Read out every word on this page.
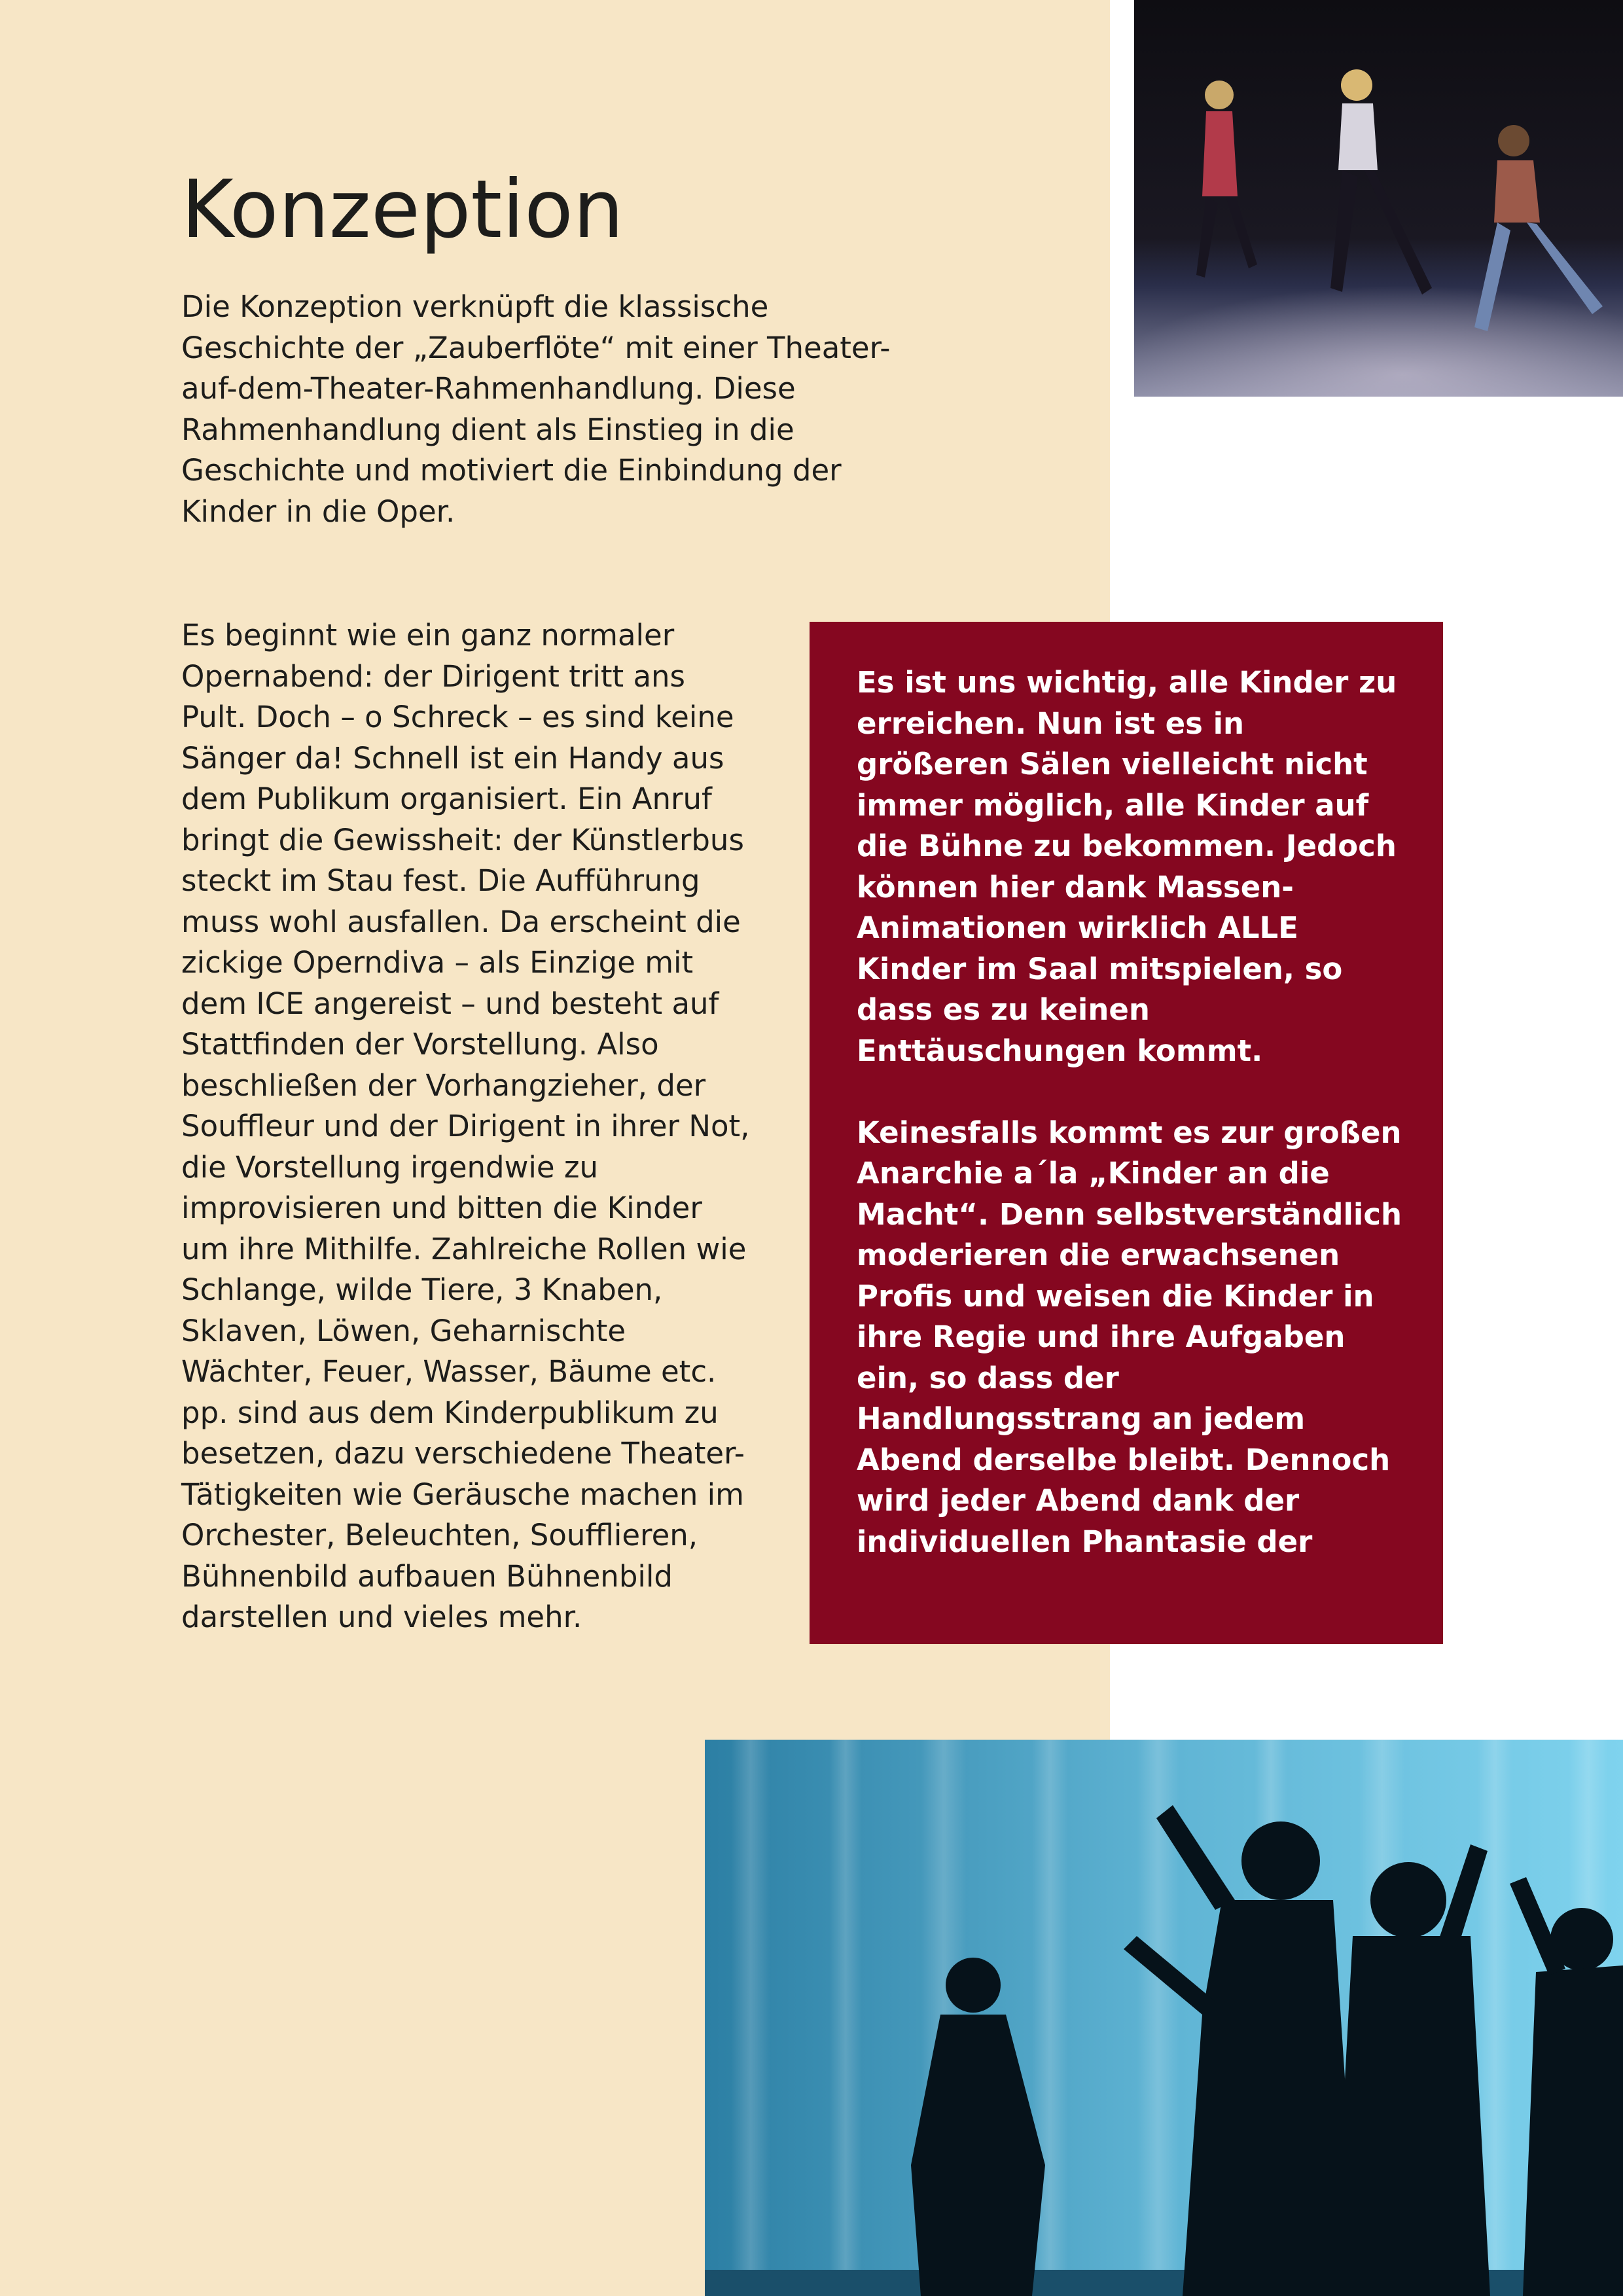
Konzeption

Die Konzeption verknüpft die klassische Geschichte der „Zauberflöte“ mit einer Theater-auf-dem-Theater-Rahmenhandlung. Diese Rahmenhandlung dient als Einstieg in die Geschichte und motiviert die Einbindung der Kinder in die Oper.

Es beginnt wie ein ganz normaler Opernabend: der Dirigent tritt ans Pult. Doch – o Schreck – es sind keine Sänger da! Schnell ist ein Handy aus dem Publikum organisiert. Ein Anruf bringt die Gewissheit: der Künstlerbus steckt im Stau fest. Die Aufführung muss wohl ausfallen. Da erscheint die zickige Operndiva – als Einzige mit dem ICE angereist – und besteht auf Stattfinden der Vorstellung. Also beschließen der Vorhangzieher, der Souffleur und der Dirigent in ihrer Not, die Vorstellung irgendwie zu improvisieren und bitten die Kinder um ihre Mithilfe. Zahlreiche Rollen wie Schlange, wilde Tiere, 3 Knaben, Sklaven, Löwen, Geharnischte Wächter, Feuer, Wasser, Bäume etc. pp. sind aus dem Kinderpublikum zu besetzen, dazu verschiedene Theater-Tätigkeiten wie Geräusche machen im Orchester, Beleuchten, Soufflieren, Bühnenbild aufbauen Bühnenbild darstellen und vieles mehr.

Es ist uns wichtig, alle Kinder zu erreichen. Nun ist es in größeren Sälen vielleicht nicht immer möglich, alle Kinder auf die Bühne zu bekommen. Jedoch können hier dank Massen-Animationen wirklich ALLE Kinder im Saal mitspielen, so dass es zu keinen Enttäuschungen kommt.

Keinesfalls kommt es zur großen Anarchie a´la „Kinder an die Macht“. Denn selbstverständlich moderieren die erwachsenen Profis und weisen die Kinder in ihre Regie und ihre Aufgaben ein, so dass der Handlungsstrang an jedem Abend derselbe bleibt. Dennoch wird jeder Abend dank der individuellen Phantasie der
